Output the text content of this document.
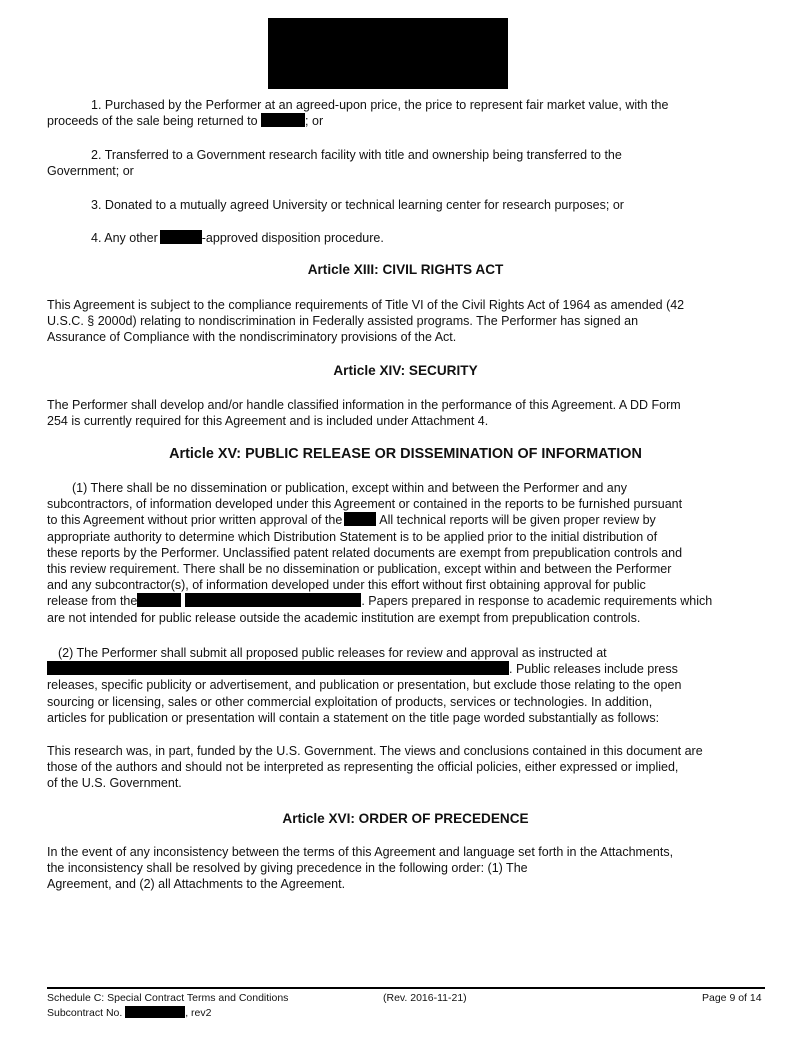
1. Purchased by the Performer at an agreed-upon price, the price to represent fair market value, with the
proceeds of the sale being returned to	; or
2. Transferred to a Government research facility with title and ownership being transferred to the
Government; or
3. Donated to a mutually agreed University or technical learning center for research purposes; or
4. Any other	-approved disposition procedure.
Article XIII: CIVIL RIGHTS ACT
This Agreement is subject to the compliance requirements of Title VI of the Civil Rights Act of 1964 as amended (42
U.S.C. § 2000d) relating to nondiscrimination in Federally assisted programs. The Performer has signed an
Assurance of Compliance with the nondiscriminatory provisions of the Act.
Article XIV: SECURITY
The Performer shall develop and/or handle classified information in the performance of this Agreement. A DD Form
254 is currently required for this Agreement and is included under Attachment 4.
Article XV: PUBLIC RELEASE OR DISSEMINATION OF INFORMATION
(1) There shall be no dissemination or publication, except within and between the Performer and any
subcontractors, of information developed under this Agreement or contained in the reports to be furnished pursuant
to this Agreement without prior written approval of the	All technical reports will be given proper review by
appropriate authority to determine which Distribution Statement is to be applied prior to the initial distribution of
these reports by the Performer. Unclassified patent related documents are exempt from prepublication controls and
this review requirement. There shall be no dissemination or publication, except within and between the Performer
and any subcontractor(s), of information developed under this effort without first obtaining approval for public
release from the	. Papers prepared in response to academic requirements which
are not intended for public release outside the academic institution are exempt from prepublication controls.
(2) The Performer shall submit all proposed public releases for review and approval as instructed at
. Public releases include press
releases, specific publicity or advertisement, and publication or presentation, but exclude those relating to the open
sourcing or licensing, sales or other commercial exploitation of products, services or technologies. In addition,
articles for publication or presentation will contain a statement on the title page worded substantially as follows:
This research was, in part, funded by the U.S. Government. The views and conclusions contained in this document are
those of the authors and should not be interpreted as representing the official policies, either expressed or implied,
of the U.S. Government.
Article XVI: ORDER OF PRECEDENCE
In the event of any inconsistency between the terms of this Agreement and language set forth in the Attachments,
the inconsistency shall be resolved by giving precedence in the following order: (1) The
Agreement, and (2) all Attachments to the Agreement.

Schedule C: Special Contract Terms and Conditions	(Rev. 2016-11-21)	Page 9 of 14

Subcontract No.	, rev2
